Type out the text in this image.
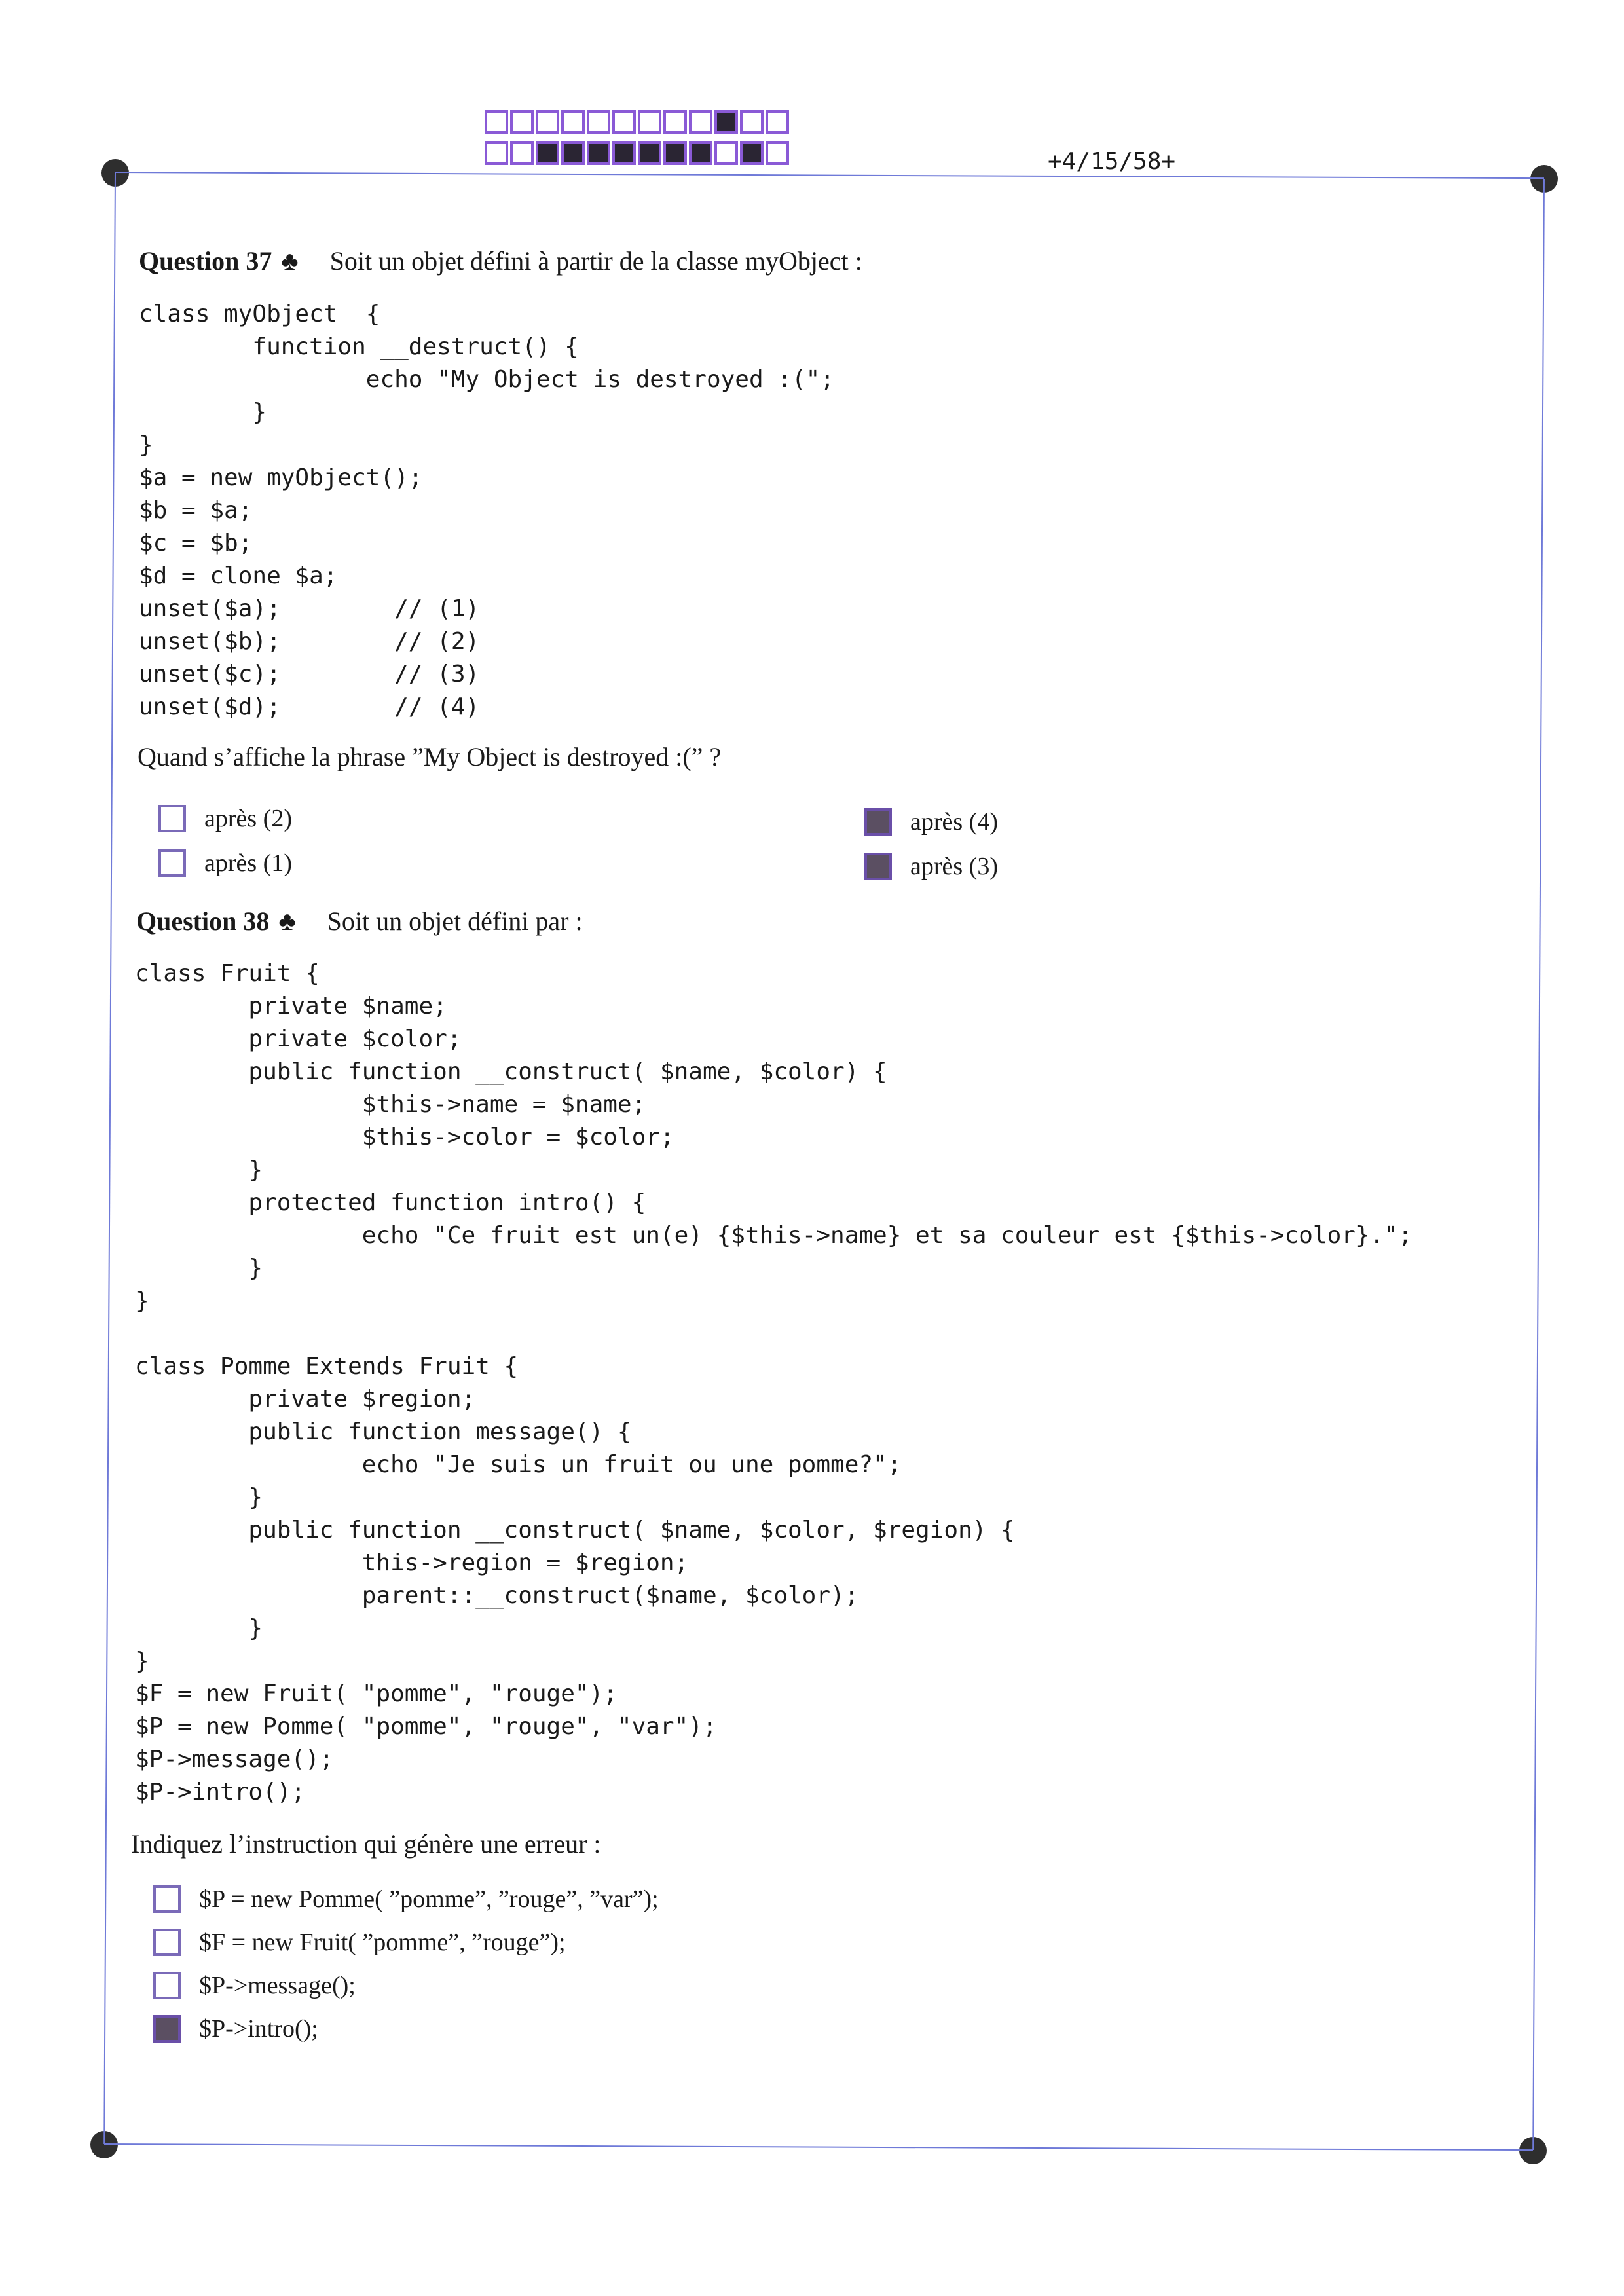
+4/15/58+
Question 37 ♣ Soit un objet défini à partir de la classe myObject :
class myObject  {
function __destruct() {
echo "My Object is destroyed :(";
}
}
$a = new myObject();
$b = $a;
$c = $b;
$d = clone $a;
unset($a);        // (1)
unset($b);        // (2)
unset($c);        // (3)
unset($d);        // (4)
Quand s’affiche la phrase ”My Object is destroyed :(” ?
après (2)
après (1)
après (4)
après (3)
Question 38 ♣ Soit un objet défini par :
class Fruit {
private $name;
private $color;
public function __construct( $name, $color) {
$this->name = $name;
$this->color = $color;
}
protected function intro() {
echo "Ce fruit est un(e) {$this->name} et sa couleur est {$this->color}.";
}
}

class Pomme Extends Fruit {
private $region;
public function message() {
echo "Je suis un fruit ou une pomme?";
}
public function __construct( $name, $color, $region) {
this->region = $region;
parent::__construct($name, $color);
}
}
$F = new Fruit( "pomme", "rouge");
$P = new Pomme( "pomme", "rouge", "var");
$P->message();
$P->intro();
Indiquez l’instruction qui génère une erreur :
$P = new Pomme( ”pomme”, ”rouge”, ”var”);
$F = new Fruit( ”pomme”, ”rouge”);
$P->message();
$P->intro();
